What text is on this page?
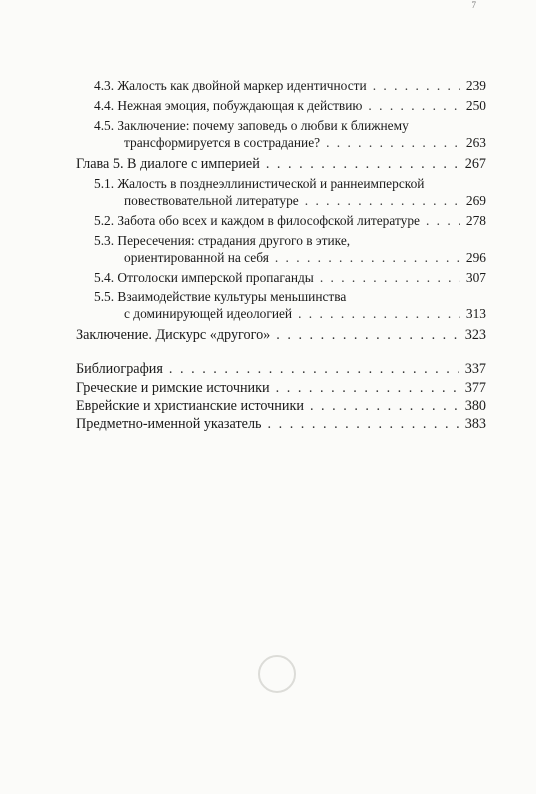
7
4.3. Жалость как двойной маркер идентичности . . .	239
4.4. Нежная эмоция, побуждающая к действию . . .	250
4.5. Заключение: почему заповедь о любви к ближнему
трансформируется в сострадание? . . .	263
Глава 5. В диалоге с империей . . .	267
5.1. Жалость в позднеэллинистической и раннеимперской
повествовательной литературе . . .	269
5.2. Забота обо всех и каждом в философской литературе . . .	278
5.3. Пересечения: страдания другого в этике,
ориентированной на себя . . .	296
5.4. Отголоски имперской пропаганды . . .	307
5.5. Взаимодействие культуры меньшинства
с доминирующей идеологией . . .	313
Заключение. Дискурс «другого» . . .	323
Библиография . . .	337
Греческие и римские источники . . .	377
Еврейские и христианские источники . . .	380
Предметно-именной указатель . . .	383
